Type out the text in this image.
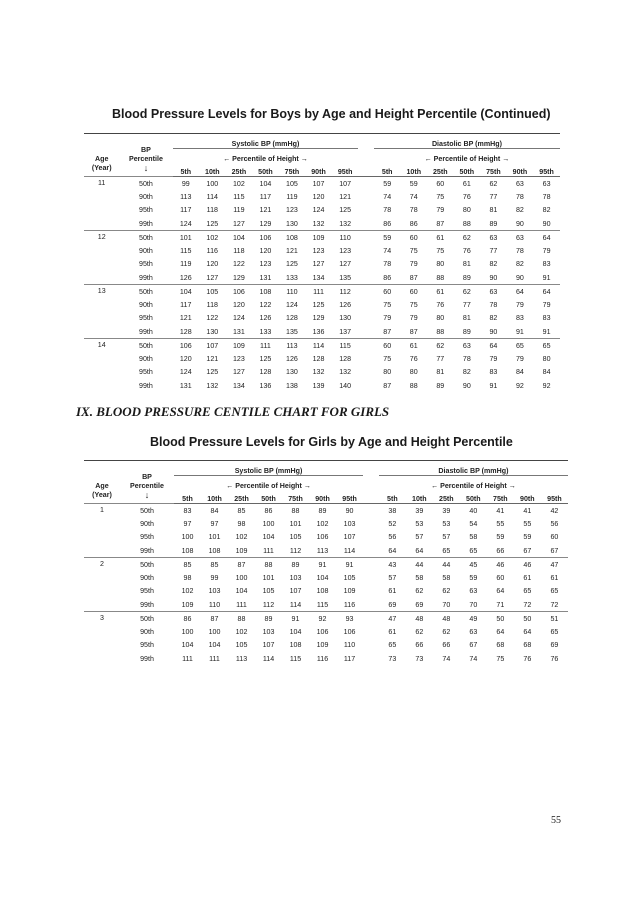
Blood Pressure Levels for Boys by Age and Height Percentile (Continued)
Age (Year)	BP Percentile
↓	Systolic BP (mmHg)								Diastolic BP (mmHg)						
		← Percentile of Height →								← Percentile of Height →						
		5th	10th	25th	50th	75th	90th	95th		5th	10th	25th	50th	75th	90th	95th
11	50th	99	100	102	104	105	107	107		59	59	60	61	62	63	63
	90th	113	114	115	117	119	120	121		74	74	75	76	77	78	78
	95th	117	118	119	121	123	124	125		78	78	79	80	81	82	82
	99th	124	125	127	129	130	132	132		86	86	87	88	89	90	90
12	50th	101	102	104	106	108	109	110		59	60	61	62	63	63	64
	90th	115	116	118	120	121	123	123		74	75	75	76	77	78	79
	95th	119	120	122	123	125	127	127		78	79	80	81	82	82	83
	99th	126	127	129	131	133	134	135		86	87	88	89	90	90	91
13	50th	104	105	106	108	110	111	112		60	60	61	62	63	64	64
	90th	117	118	120	122	124	125	126		75	75	76	77	78	79	79
	95th	121	122	124	126	128	129	130		79	79	80	81	82	83	83
	99th	128	130	131	133	135	136	137		87	87	88	89	90	91	91
14	50th	106	107	109	111	113	114	115		60	61	62	63	64	65	65
	90th	120	121	123	125	126	128	128		75	76	77	78	79	79	80
	95th	124	125	127	128	130	132	132		80	80	81	82	83	84	84
	99th	131	132	134	136	138	139	140		87	88	89	90	91	92	92
IX. BLOOD PRESSURE CENTILE CHART FOR GIRLS
Blood Pressure Levels for Girls by Age and Height Percentile
Age (Year)	BP Percentile
↓	Systolic BP (mmHg)								Diastolic BP (mmHg)						
		← Percentile of Height →								← Percentile of Height →						
		5th	10th	25th	50th	75th	90th	95th		5th	10th	25th	50th	75th	90th	95th
1	50th	83	84	85	86	88	89	90		38	39	39	40	41	41	42
	90th	97	97	98	100	101	102	103		52	53	53	54	55	55	56
	95th	100	101	102	104	105	106	107		56	57	57	58	59	59	60
	99th	108	108	109	111	112	113	114		64	64	65	65	66	67	67
2	50th	85	85	87	88	89	91	91		43	44	44	45	46	46	47
	90th	98	99	100	101	103	104	105		57	58	58	59	60	61	61
	95th	102	103	104	105	107	108	109		61	62	62	63	64	65	65
	99th	109	110	111	112	114	115	116		69	69	70	70	71	72	72
3	50th	86	87	88	89	91	92	93		47	48	48	49	50	50	51
	90th	100	100	102	103	104	106	106		61	62	62	63	64	64	65
	95th	104	104	105	107	108	109	110		65	66	66	67	68	68	69
	99th	111	111	113	114	115	116	117		73	73	74	74	75	76	76
55
